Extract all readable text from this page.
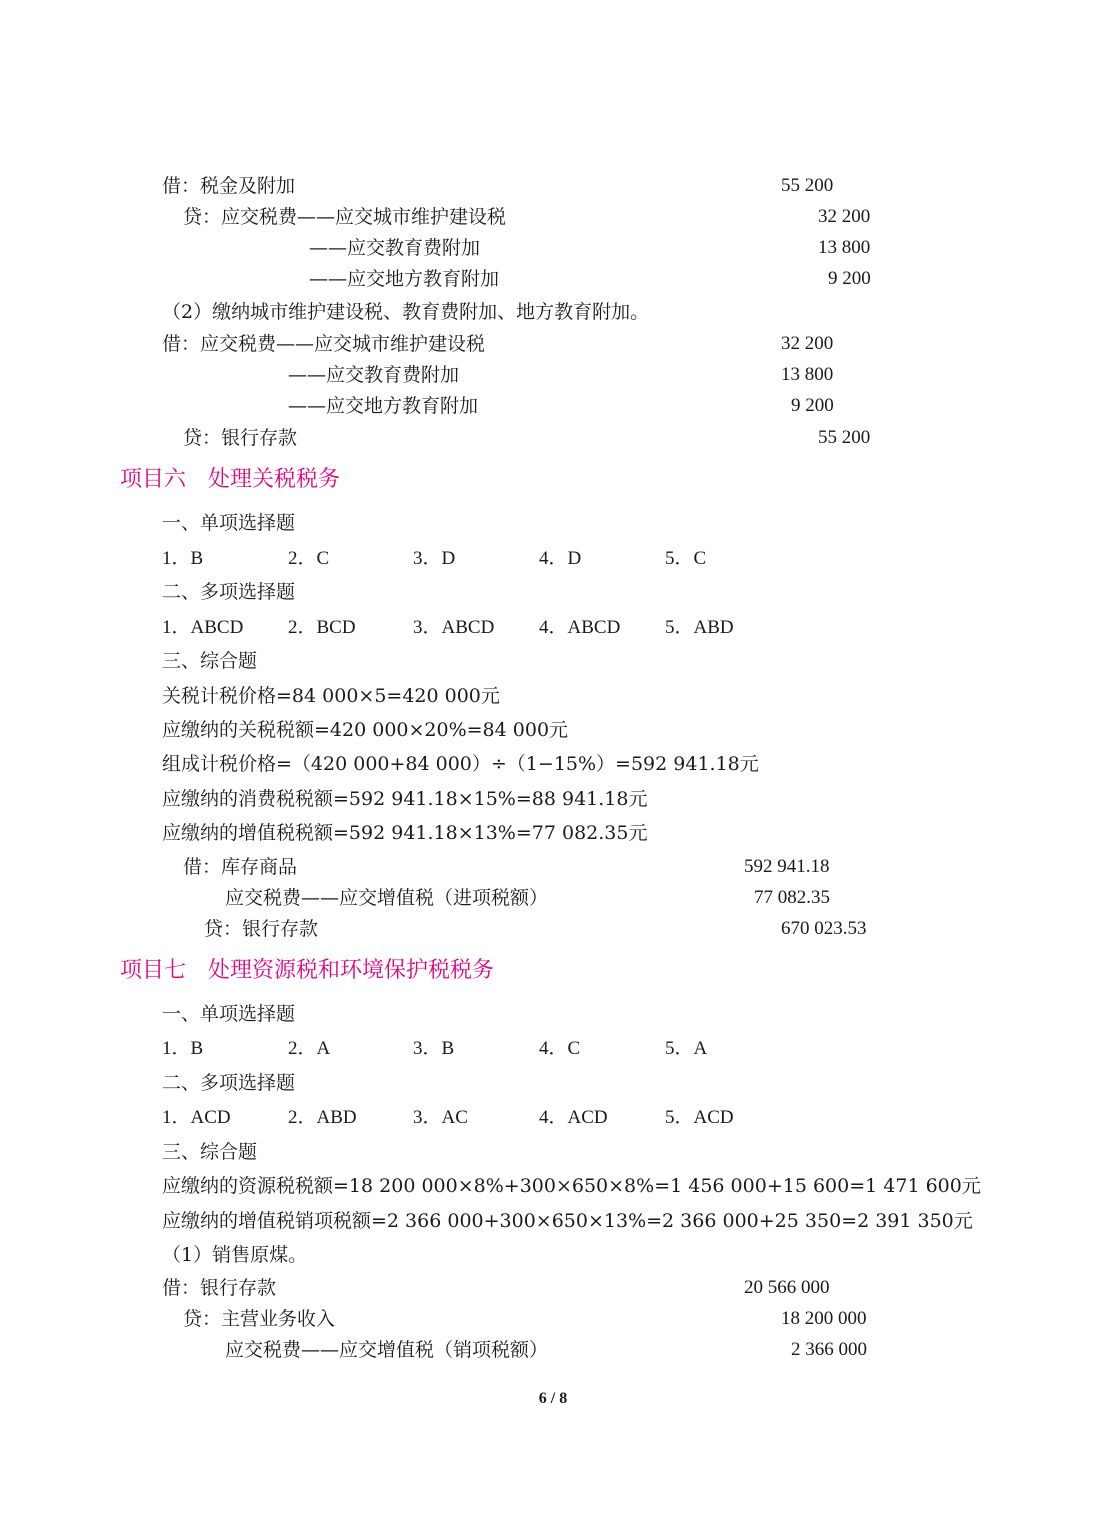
借：税金及附加	55 200
贷：应交税费——应交城市维护建设税	32 200
——应交教育费附加	13 800
——应交地方教育附加	9 200
（2）缴纳城市维护建设税、教育费附加、地方教育附加。
借：应交税费——应交城市维护建设税	32 200
——应交教育费附加	13 800
——应交地方教育附加	9 200
贷：银行存款	55 200
项目六　处理关税税务
一、单项选择题
1．B	2．C	3．D	4．D	5．C
二、多项选择题
1．ABCD 2．BCD	3．ABCD 4．ABCD 5．ABD
三、综合题
关税计税价格=84 000×5=420 000元
应缴纳的关税税额=420 000×20%=84 000元
组成计税价格=（420 000+84 000）÷（1−15%）=592 941.18元
应缴纳的消费税税额=592 941.18×15%=88 941.18元
应缴纳的增值税税额=592 941.18×13%=77 082.35元
借：库存商品	592 941.18
应交税费——应交增值税（进项税额）	77 082.35
贷：银行存款	670 023.53
项目七　处理资源税和环境保护税税务
一、单项选择题
1．B	2．A	3．B	4．C	5．A
二、多项选择题
1．ACD	2．ABD	3．AC	4．ACD	5．ACD
三、综合题
应缴纳的资源税税额=18 200 000×8%+300×650×8%=1 456 000+15 600=1 471 600元
应缴纳的增值税销项税额=2 366 000+300×650×13%=2 366 000+25 350=2 391 350元
（1）销售原煤。
借：银行存款	20 566 000
贷：主营业务收入	18 200 000
应交税费——应交增值税（销项税额）	2 366 000
6 / 8
